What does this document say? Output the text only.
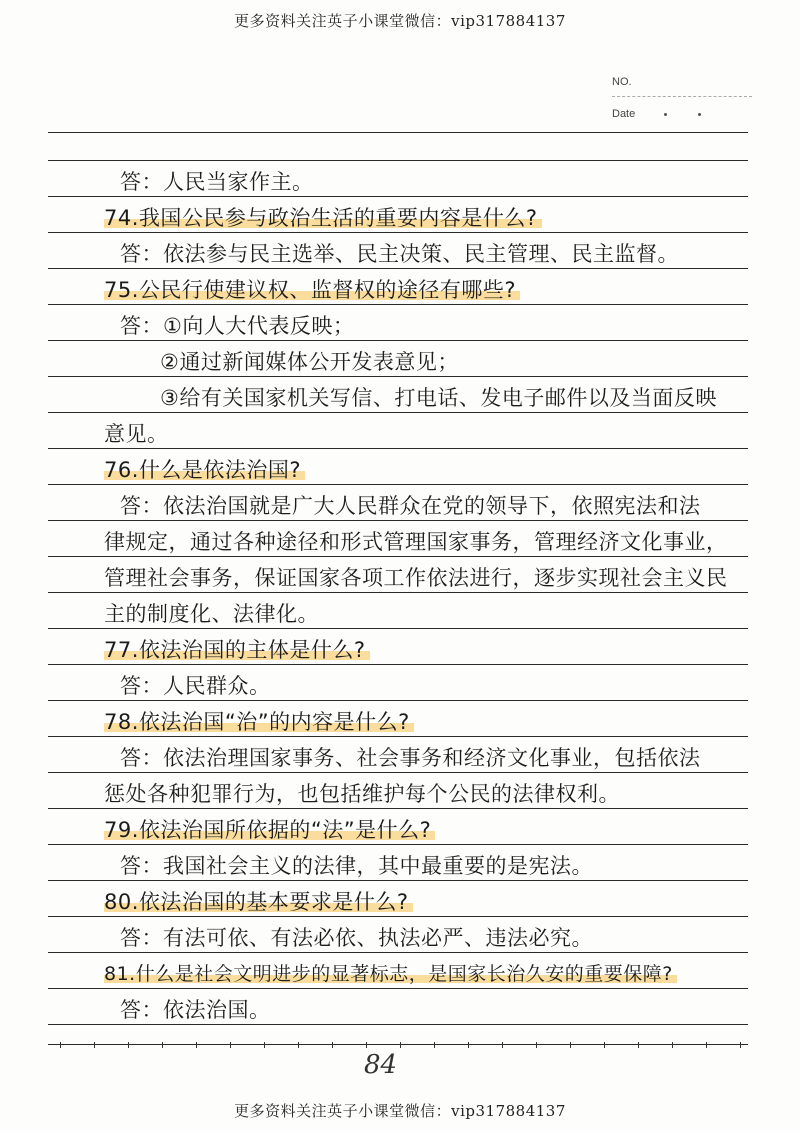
更多资料关注英子小课堂微信：vip317884137
NO.
Date
答：人民当家作主。
74.我国公民参与政治生活的重要内容是什么?
答：依法参与民主选举、民主决策、民主管理、民主监督。
75.公民行使建议权、监督权的途径有哪些?
答：①向人大代表反映；
②通过新闻媒体公开发表意见；
③给有关国家机关写信、打电话、发电子邮件以及当面反映
意见。
76.什么是依法治国?
答：依法治国就是广大人民群众在党的领导下，依照宪法和法
律规定，通过各种途径和形式管理国家事务，管理经济文化事业，
管理社会事务，保证国家各项工作依法进行，逐步实现社会主义民
主的制度化、法律化。
77.依法治国的主体是什么?
答：人民群众。
78.依法治国“治”的内容是什么?
答：依法治理国家事务、社会事务和经济文化事业，包括依法
惩处各种犯罪行为，也包括维护每个公民的法律权利。
79.依法治国所依据的“法”是什么?
答：我国社会主义的法律，其中最重要的是宪法。
80.依法治国的基本要求是什么?
答：有法可依、有法必依、执法必严、违法必究。
81.什么是社会文明进步的显著标志，是国家长治久安的重要保障?
答：依法治国。
84
更多资料关注英子小课堂微信：vip317884137
